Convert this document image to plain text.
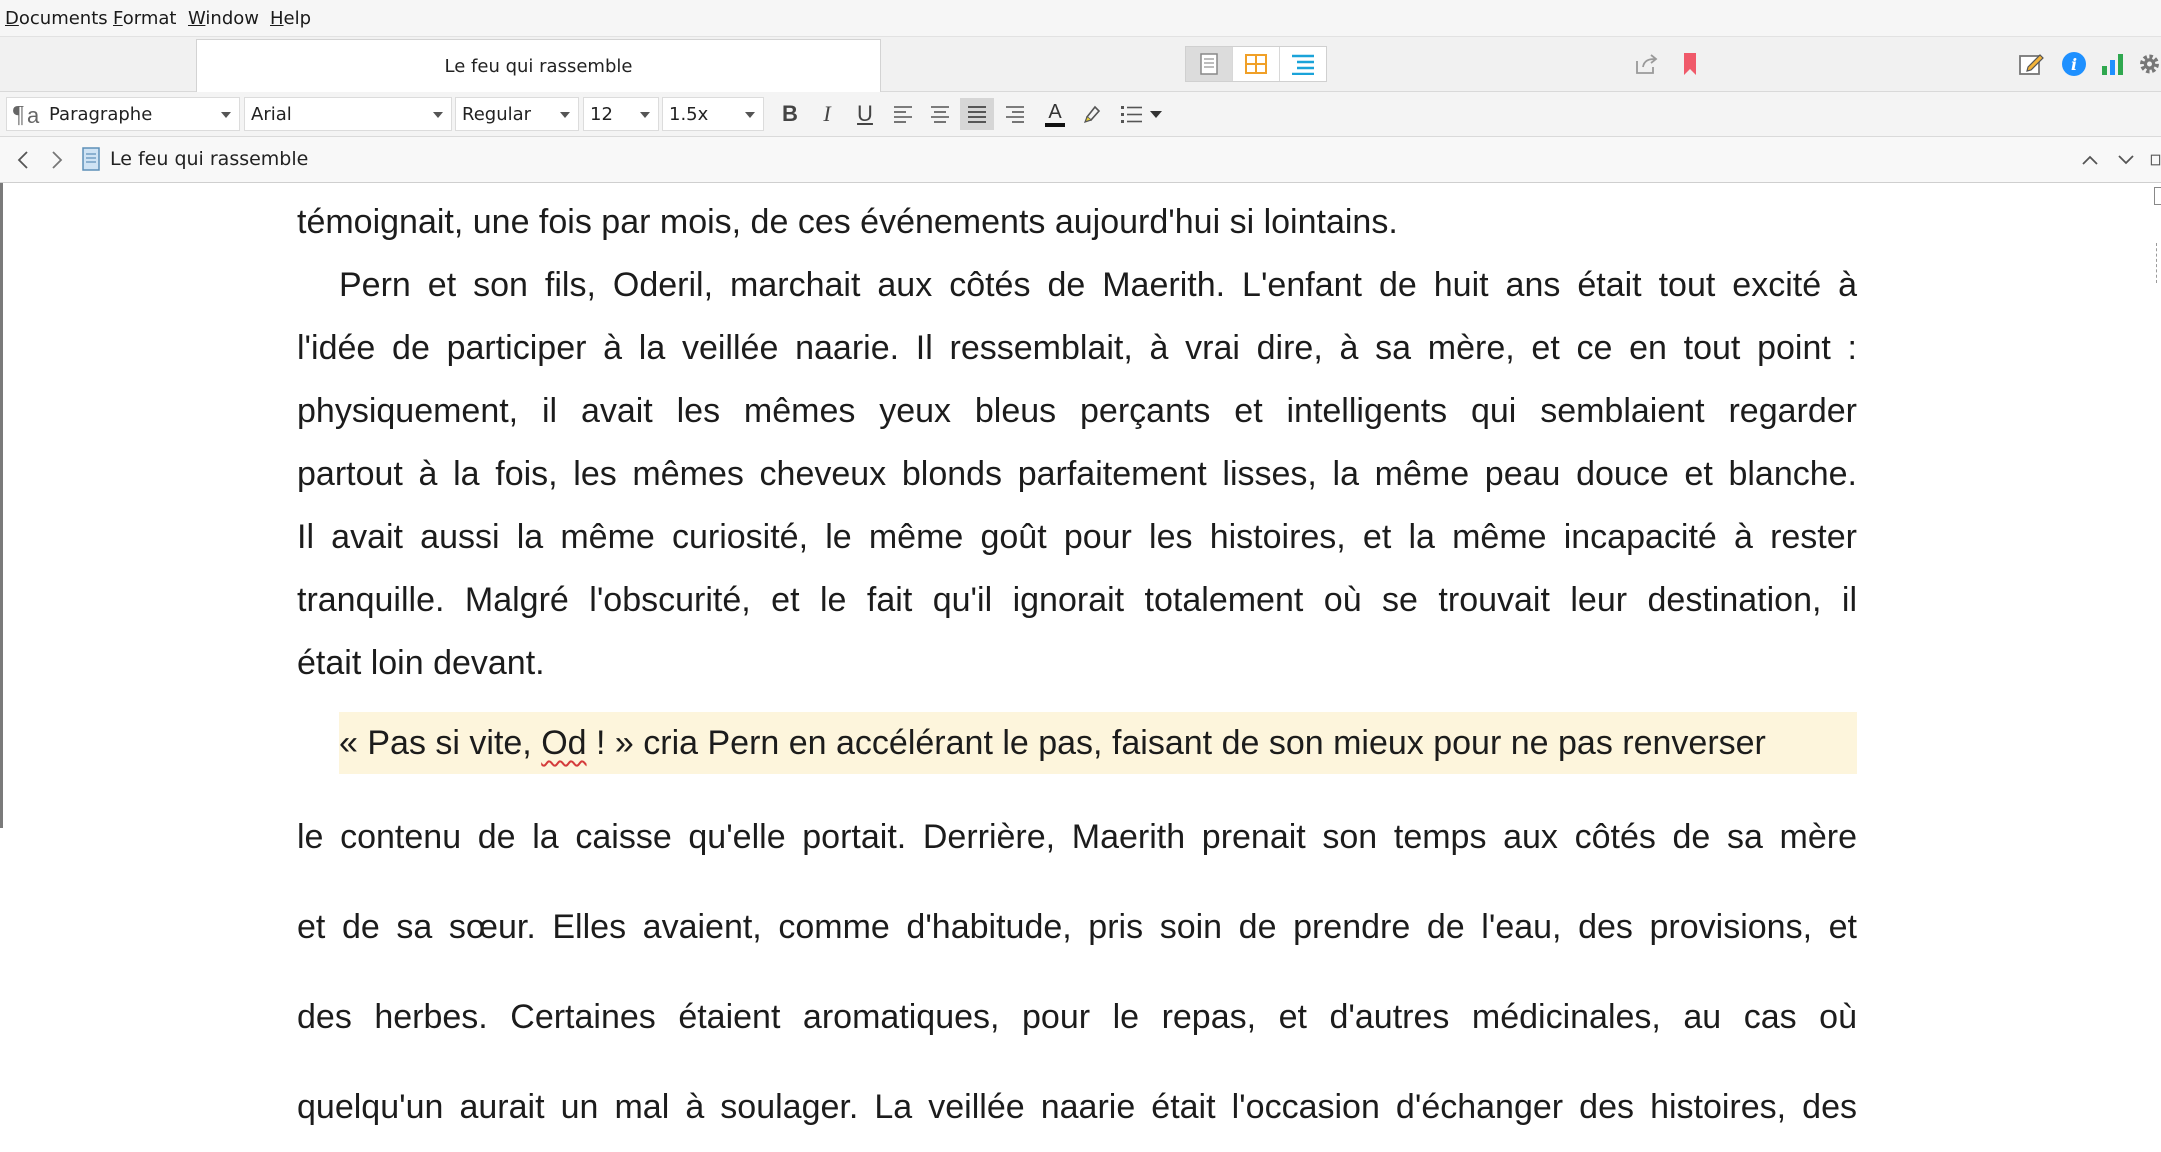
Documents Format Window Help
Le feu qui rassemble	i
¶ a Paragraphe	Arial	Regular	12	1.5x	B	I	U	A
Le feu qui rassemble
témoignait, une fois par mois, de ces événements aujourd'hui si lointains.
Pern et son fils, Oderil, marchait aux côtés de Maerith. L'enfant de huit ans était tout excité à
l'idée de participer à la veillée naarie. Il ressemblait, à vrai dire, à sa mère, et ce en tout point :
physiquement, il avait les mêmes yeux bleus perçants et intelligents qui semblaient regarder
partout à la fois, les mêmes cheveux blonds parfaitement lisses, la même peau douce et blanche.
Il avait aussi la même curiosité, le même goût pour les histoires, et la même incapacité à rester
tranquille. Malgré l'obscurité, et le fait qu'il ignorait totalement où se trouvait leur destination, il
était loin devant.
« Pas si vite, Od ! » cria Pern en accélérant le pas, faisant de son mieux pour ne pas renverser
le contenu de la caisse qu'elle portait. Derrière, Maerith prenait son temps aux côtés de sa mère
et de sa sœur. Elles avaient, comme d'habitude, pris soin de prendre de l'eau, des provisions, et
des herbes. Certaines étaient aromatiques, pour le repas, et d'autres médicinales, au cas où
quelqu'un aurait un mal à soulager. La veillée naarie était l'occasion d'échanger des histoires, des
